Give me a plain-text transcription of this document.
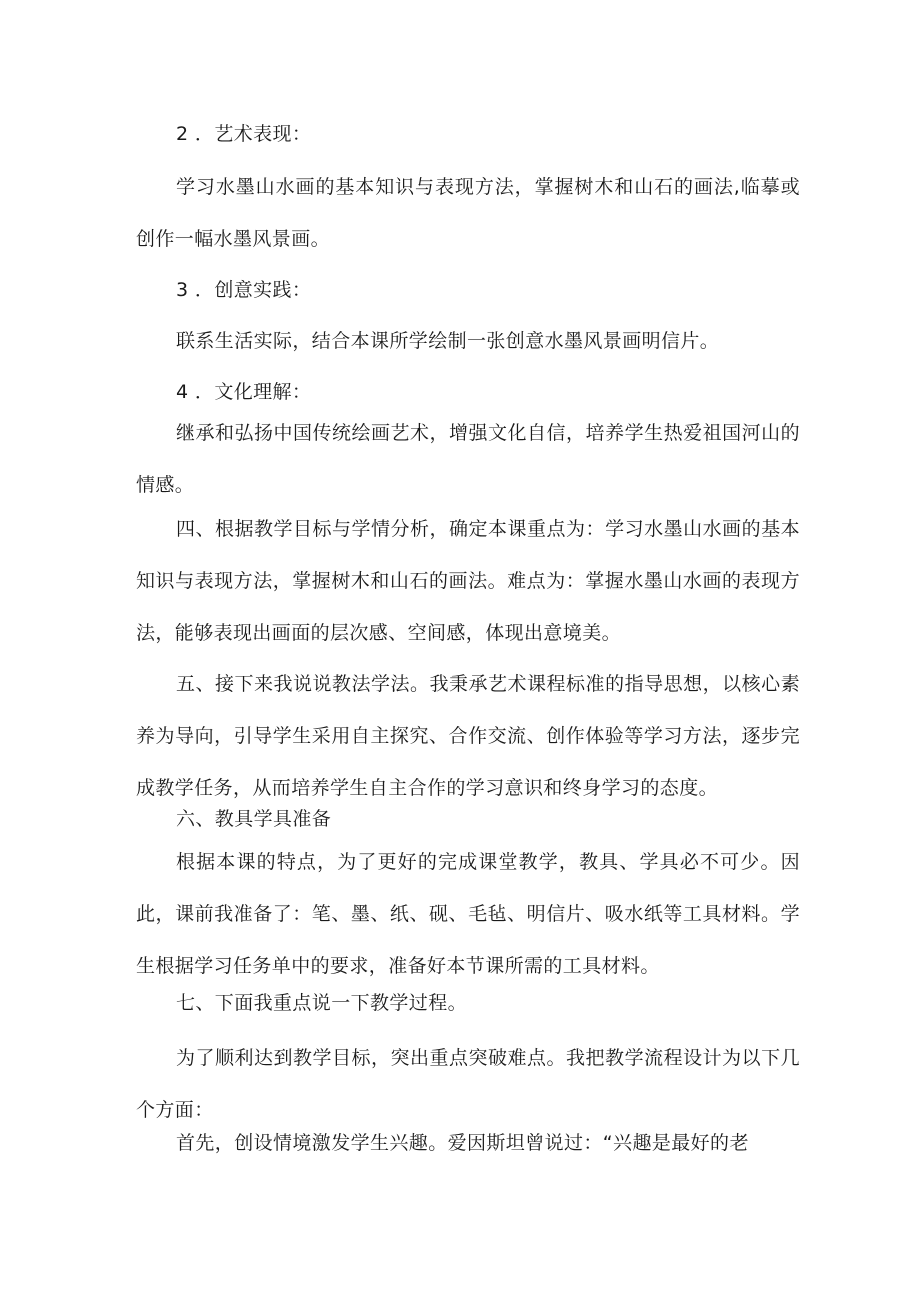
2 ．艺术表现：

学习水墨山水画的基本知识与表现方法，掌握树木和山石的画法,临摹或创作一幅水墨风景画。

3 ．创意实践：

联系生活实际，结合本课所学绘制一张创意水墨风景画明信片。

4 ．文化理解：

继承和弘扬中国传统绘画艺术，增强文化自信，培养学生热爱祖国河山的情感。

四、根据教学目标与学情分析，确定本课重点为：学习水墨山水画的基本知识与表现方法，掌握树木和山石的画法。难点为：掌握水墨山水画的表现方法，能够表现出画面的层次感、空间感，体现出意境美。

五、接下来我说说教法学法。我秉承艺术课程标准的指导思想，以核心素养为导向，引导学生采用自主探究、合作交流、创作体验等学习方法，逐步完成教学任务，从而培养学生自主合作的学习意识和终身学习的态度。

六、教具学具准备

根据本课的特点，为了更好的完成课堂教学，教具、学具必不可少。因此，课前我准备了：笔、墨、纸、砚、毛毡、明信片、吸水纸等工具材料。学生根据学习任务单中的要求，准备好本节课所需的工具材料。

七、下面我重点说一下教学过程。

为了顺利达到教学目标，突出重点突破难点。我把教学流程设计为以下几个方面：

首先，创设情境激发学生兴趣。爱因斯坦曾说过：“兴趣是最好的老
